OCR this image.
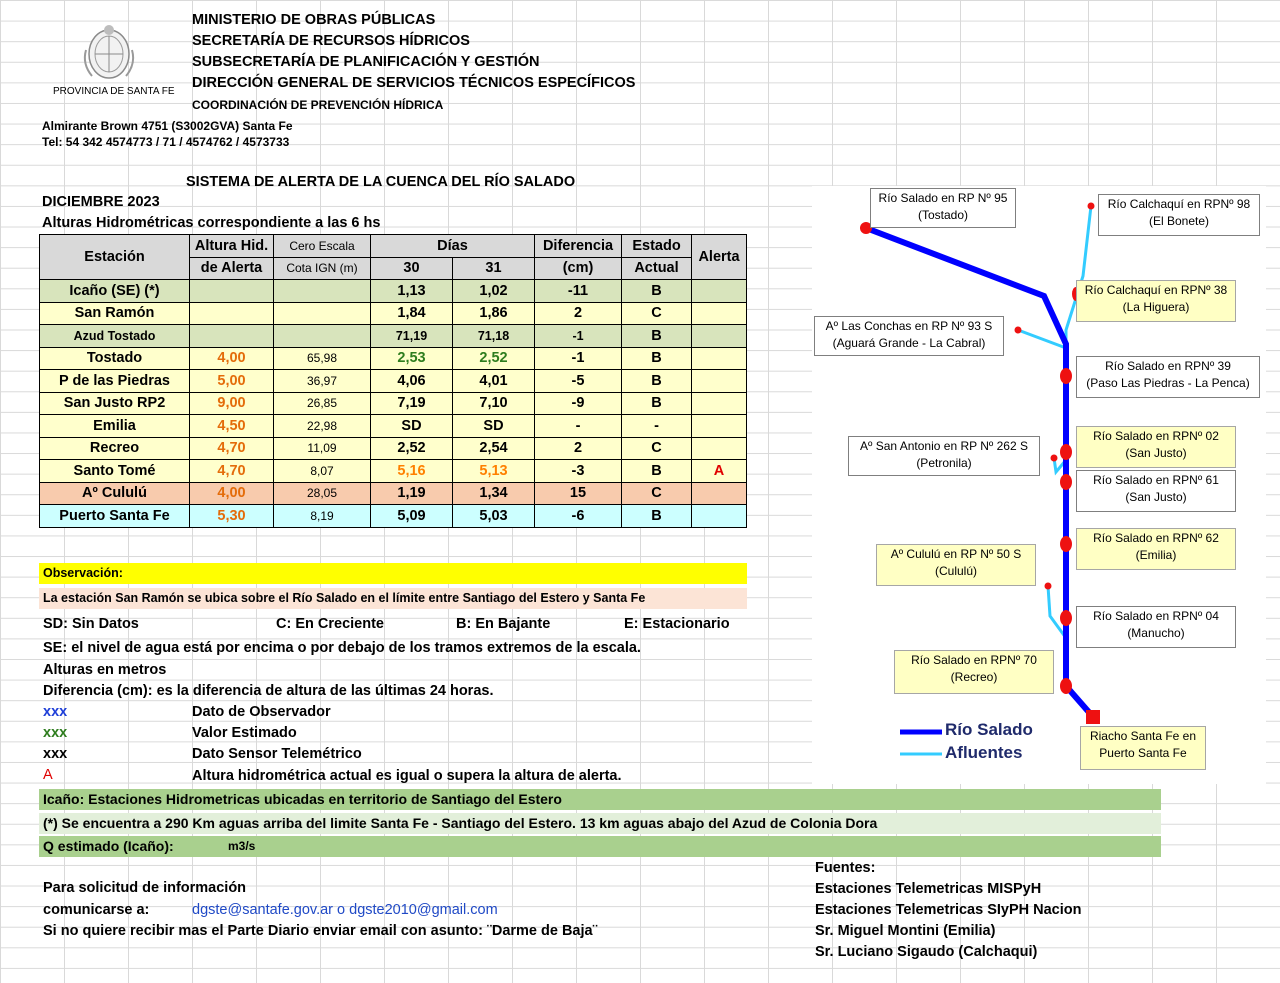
PROVINCIA DE SANTA FE
MINISTERIO DE OBRAS PÚBLICAS
SECRETARÍA DE RECURSOS HÍDRICOS
SUBSECRETARÍA DE PLANIFICACIÓN Y GESTIÓN
DIRECCIÓN GENERAL DE SERVICIOS TÉCNICOS ESPECÍFICOS
COORDINACIÓN DE PREVENCIÓN HÍDRICA
Almirante Brown 4751 (S3002GVA) Santa Fe
Tel: 54 342 4574773 / 71 / 4574762 / 4573733
SISTEMA DE ALERTA DE LA CUENCA DEL RÍO SALADO
DICIEMBRE 2023
Alturas Hidrométricas correspondiente a las 6 hs
Estación	Altura Hid.	Cero Escala	Días		Diferencia	Estado	Alerta
	de Alerta	Cota IGN (m)	30	31	(cm)	Actual	
Icaño (SE) (*)			1,13	1,02	-11	B	
San Ramón			1,84	1,86	2	C	
Azud Tostado			71,19	71,18	-1	B	
Tostado	4,00	65,98	2,53	2,52	-1	B	
P de las Piedras	5,00	36,97	4,06	4,01	-5	B	
San Justo RP2	9,00	26,85	7,19	7,10	-9	B	
Emilia	4,50	22,98	SD	SD	-	-	
Recreo	4,70	11,09	2,52	2,54	2	C	
Santo Tomé	4,70	8,07	5,16	5,13	-3	B	A
Aº Cululú	4,00	28,05	1,19	1,34	15	C	
Puerto Santa Fe	5,30	8,19	5,09	5,03	-6	B	
Observación:
La estación San Ramón se ubica sobre el Río Salado en el límite entre Santiago del Estero y Santa Fe
SD: Sin Datos	C: En Creciente	B: En Bajante	E: Estacionario
SE: el nivel de agua está por encima o por debajo de los tramos extremos de la escala.
Alturas en metros
Diferencia (cm): es la diferencia de altura de las últimas 24 horas.
xxx	Dato de Observador
xxx	Valor Estimado
xxx	Dato Sensor Telemétrico
A	Altura hidrométrica actual es igual o supera la altura de alerta.
Icaño: Estaciones Hidrometricas ubicadas en territorio de Santiago del Estero
(*) Se encuentra a 290 Km aguas arriba del limite Santa Fe - Santiago del Estero. 13 km aguas abajo del Azud de Colonia Dora
Q estimado (Icaño):	m3/s
Para solicitud de información
comunicarse a:	dgste@santafe.gov.ar o dgste2010@gmail.com
Si no quiere recibir mas el Parte Diario enviar email con asunto: ¨Darme de Baja¨
Fuentes:
Estaciones Telemetricas MISPyH
Estaciones Telemetricas SIyPH Nacion
Sr. Miguel Montini (Emilia)
Sr. Luciano Sigaudo (Calchaqui)
Río Salado
Afluentes
Río Salado en RP Nº 95
(Tostado)
Río Calchaquí en RPNº 98
(El Bonete)
Río Calchaquí en RPNº 38
(La Higuera)
Aº Las Conchas en RP Nº 93 S
(Aguará Grande - La Cabral)
Río Salado en RPNº 39
(Paso Las Piedras - La Penca)
Aº San Antonio en RP Nº 262 S
(Petronila)
Río Salado en RPNº 02
(San Justo)
Río Salado en RPNº 61
(San Justo)
Río Salado en RPNº 62
(Emilia)
Aº Cululú en RP Nº 50 S
(Cululú)
Río Salado en RPNº 04
(Manucho)
Río Salado en RPNº 70
(Recreo)
Riacho Santa Fe en
Puerto Santa Fe
